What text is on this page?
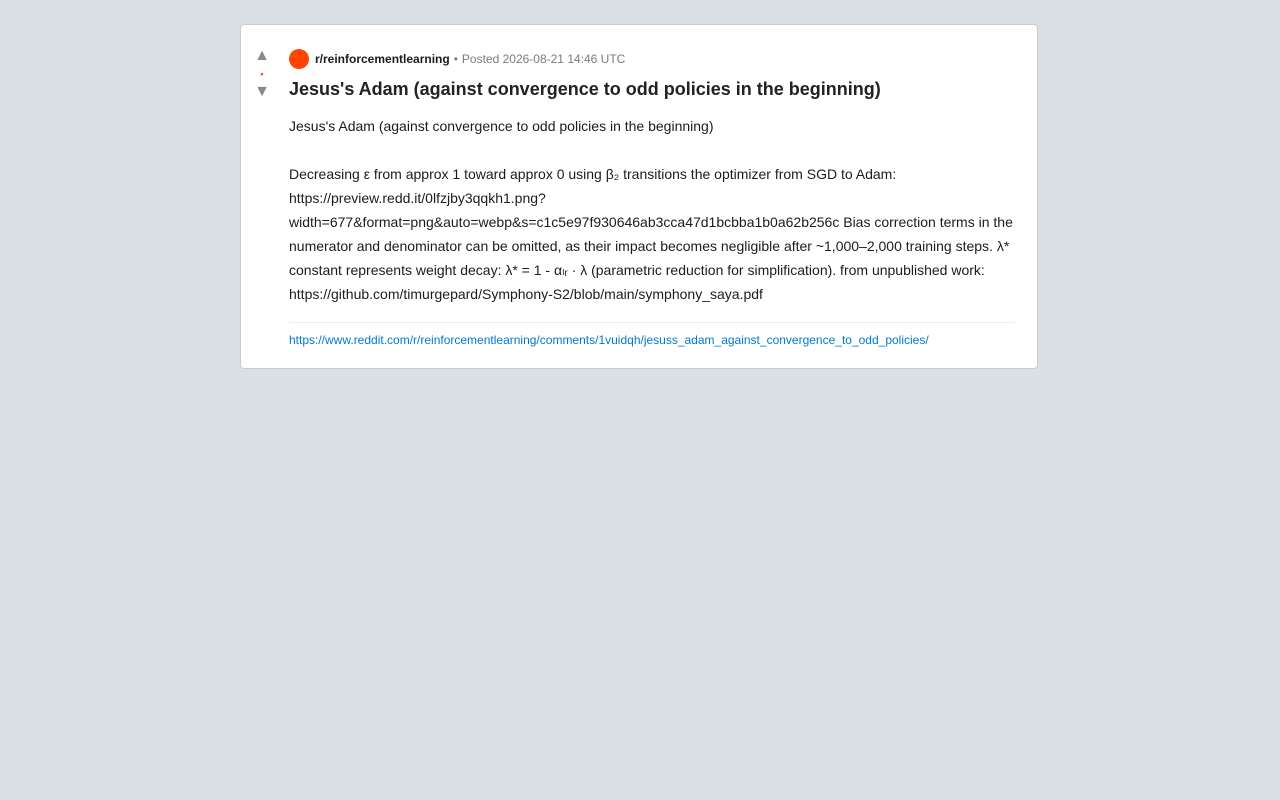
▲
•
▼
r/reinforcementlearning • Posted 2026-08-21 14:46 UTC
Jesus's Adam (against convergence to odd policies in the beginning)

Jesus's Adam (against convergence to odd policies in the beginning)

Decreasing ε from approx 1 toward approx 0 using β₂ transitions the optimizer from SGD to Adam: https://preview.redd.it/0lfzjby3qqkh1.png?width=677&format=png&auto=webp&s=c1c5e97f930646ab3cca47d1bcbba1b0a62b256c Bias correction terms in the numerator and denominator can be omitted, as their impact becomes negligible after ~1,000–2,000 training steps. λ* constant represents weight decay: λ* = 1 - αₗᵣ · λ (parametric reduction for simplification). from unpublished work: https://github.com/timurgepard/Symphony-S2/blob/main/symphony_saya.pdf

https://www.reddit.com/r/reinforcementlearning/comments/1vuidqh/jesuss_adam_against_convergence_to_odd_policies/
